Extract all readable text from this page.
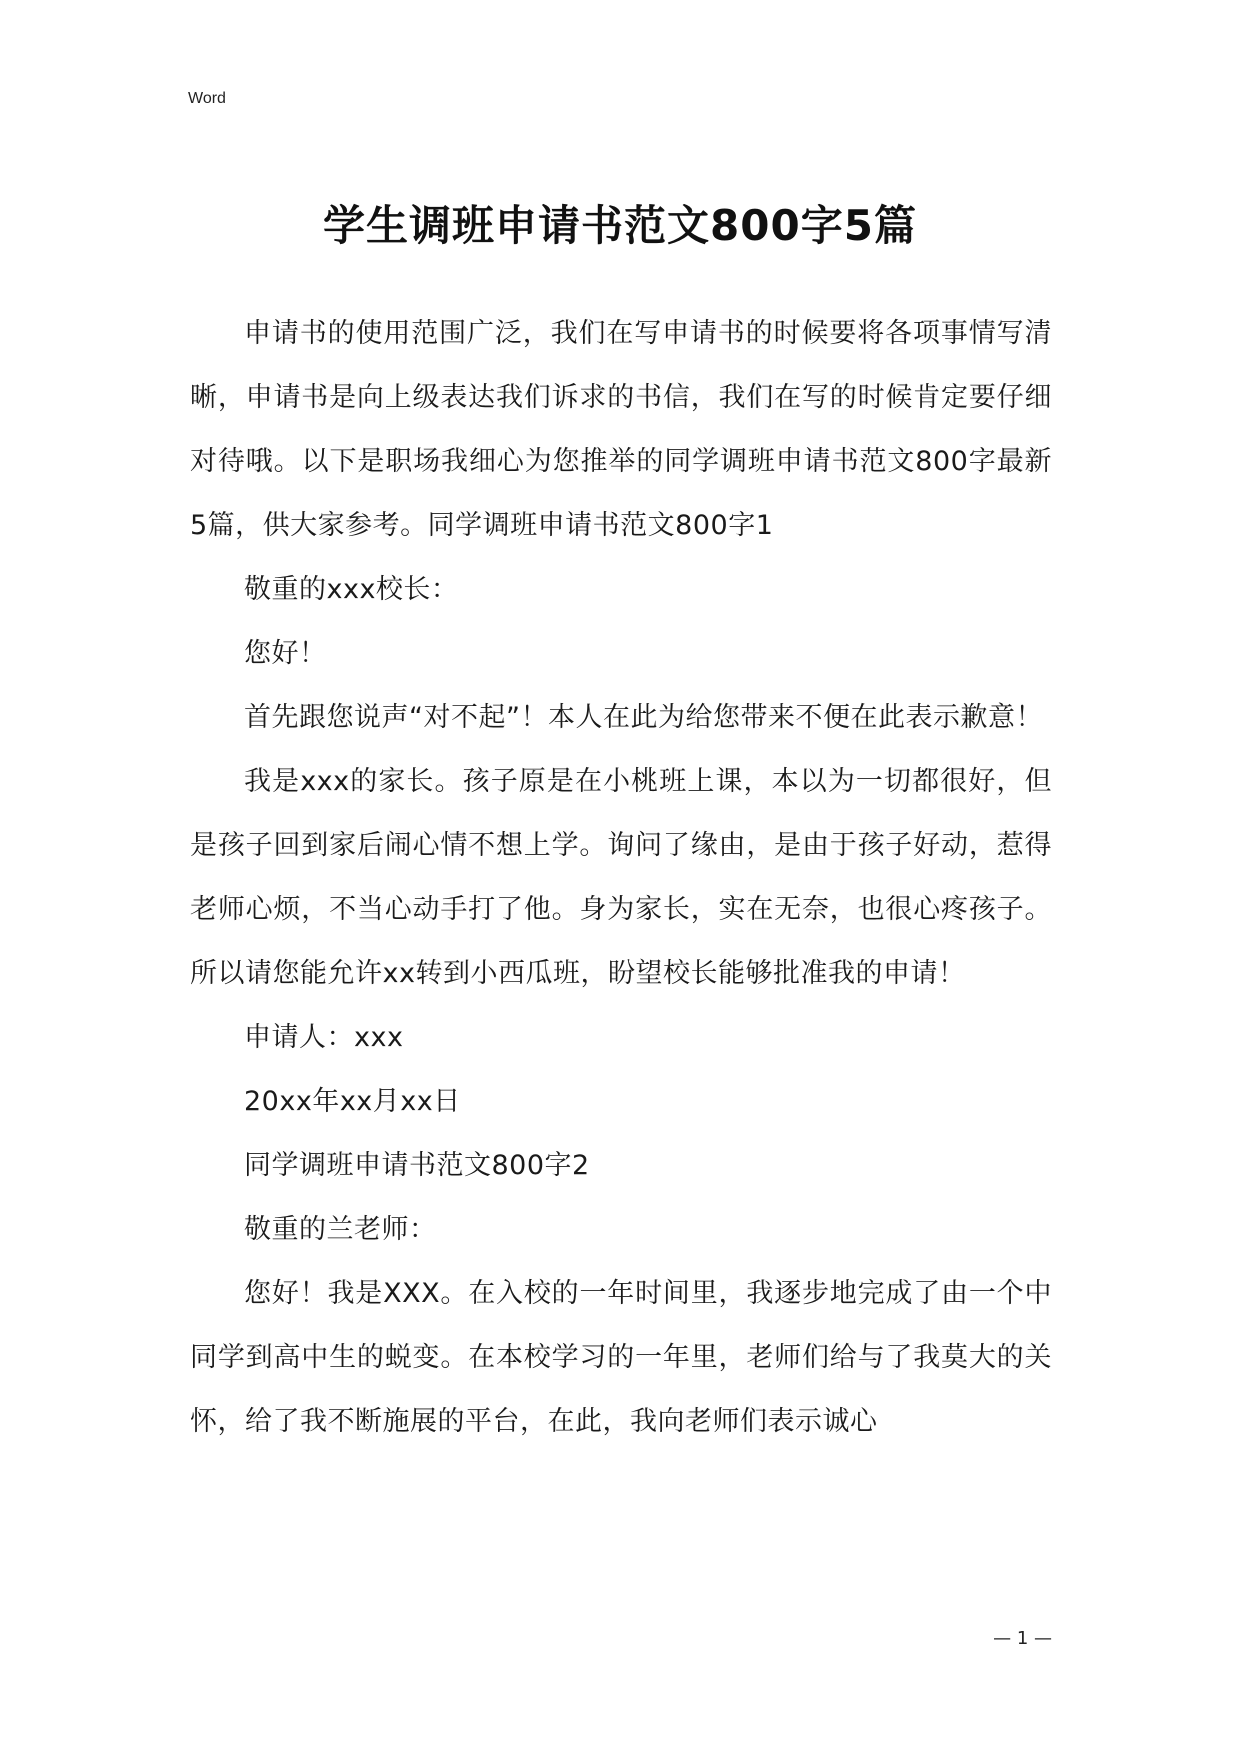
Word
学生调班申请书范文800字5篇

申请书的使用范围广泛，我们在写申请书的时候要将各项事情写清晰，申请书是向上级表达我们诉求的书信，我们在写的时候肯定要仔细对待哦。以下是职场我细心为您推举的同学调班申请书范文800字最新5篇，供大家参考。同学调班申请书范文800字1

敬重的xxx校长：

您好！

首先跟您说声“对不起”！本人在此为给您带来不便在此表示歉意！

我是xxx的家长。孩子原是在小桃班上课，本以为一切都很好，但是孩子回到家后闹心情不想上学。询问了缘由，是由于孩子好动，惹得老师心烦，不当心动手打了他。身为家长，实在无奈，也很心疼孩子。所以请您能允许xx转到小西瓜班，盼望校长能够批准我的申请！

申请人：xxx

20xx年xx月xx日

同学调班申请书范文800字2

敬重的兰老师：

您好！我是XXX。在入校的一年时间里，我逐步地完成了由一个中同学到高中生的蜕变。在本校学习的一年里，老师们给与了我莫大的关怀，给了我不断施展的平台，在此，我向老师们表示诚心

— 1 —
